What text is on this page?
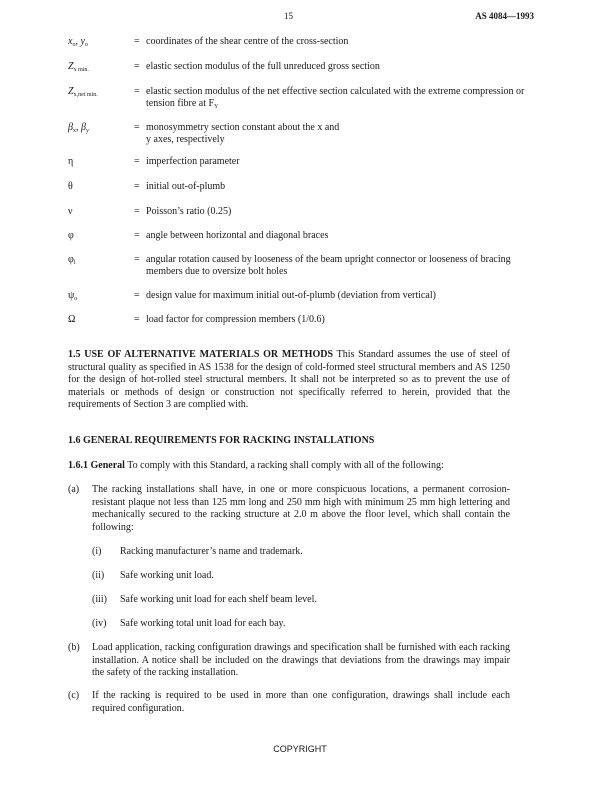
15	AS 4084—1993
$x_o$, $y_o$	= coordinates of the shear centre of the cross-section
$Z_{x min.}$	= elastic section modulus of the full unreduced gross section
$Z_{x,net min.}$	= elastic section modulus of the net effective section calculated with the extreme compression or tension fibre at $F_Y$
$\beta_x$, $\beta_y$	= monosymmetry section constant about the x and y axes, respectively
η	= imperfection parameter
θ	= initial out-of-plumb
ν	= Poisson’s ratio (0.25)
φ	= angle between horizontal and diagonal braces
$\varphi_l$	= angular rotation caused by looseness of the beam upright connector or looseness of bracing members due to oversize bolt holes
$\psi_o$	= design value for maximum initial out-of-plumb (deviation from vertical)
Ω	= load factor for compression members (1/0.6)
1.5 USE OF ALTERNATIVE MATERIALS OR METHODS This Standard assumes the use of steel of structural quality as specified in AS 1538 for the design of cold-formed steel structural members and AS 1250 for the design of hot-rolled steel structural members. It shall not be interpreted so as to prevent the use of materials or methods of design or construction not specifically referred to herein, provided that the requirements of Section 3 are complied with.
1.6 GENERAL REQUIREMENTS FOR RACKING INSTALLATIONS
1.6.1 General To comply with this Standard, a racking shall comply with all of the following:
(a) The racking installations shall have, in one or more conspicuous locations, a permanent corrosion-resistant plaque not less than 125 mm long and 250 mm high with minimum 25 mm high lettering and mechanically secured to the racking structure at 2.0 m above the floor level, which shall contain the following:
(i) Racking manufacturer’s name and trademark.
(ii) Safe working unit load.
(iii) Safe working unit load for each shelf beam level.
(iv) Safe working total unit load for each bay.
(b) Load application, racking configuration drawings and specification shall be furnished with each racking installation. A notice shall be included on the drawings that deviations from the drawings may impair the safety of the racking installation.
(c) If the racking is required to be used in more than one configuration, drawings shall include each required configuration.
COPYRIGHT
